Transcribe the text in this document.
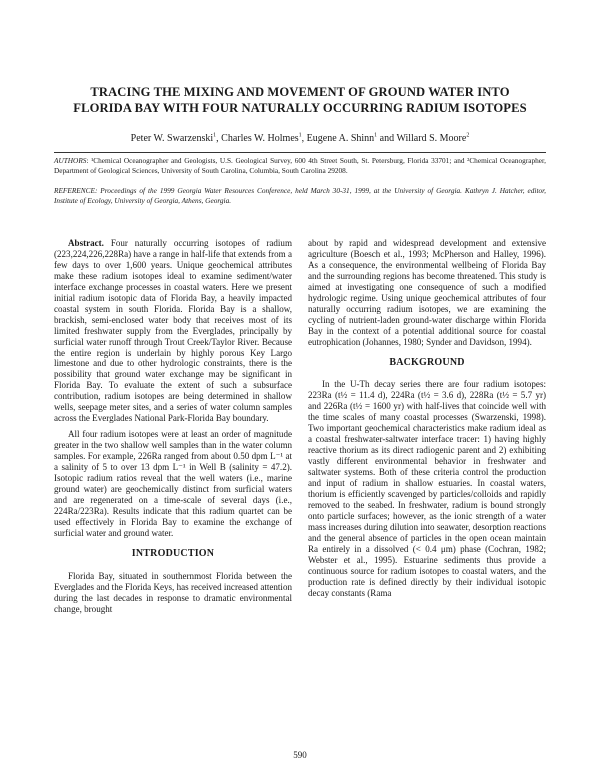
TRACING THE MIXING AND MOVEMENT OF GROUND WATER INTO
FLORIDA BAY WITH FOUR NATURALLY OCCURRING RADIUM ISOTOPES
Peter W. Swarzenski$^1$, Charles W. Holmes$^1$, Eugene A. Shinn$^1$ and Willard S. Moore$^2$
AUTHORS: ¹Chemical Oceanographer and Geologists, U.S. Geological Survey, 600 4th Street South, St. Petersburg, Florida 33701; and ²Chemical Oceanographer, Department of Geological Sciences, University of South Carolina, Columbia, South Carolina 29208.
REFERENCE: Proceedings of the 1999 Georgia Water Resources Conference, held March 30-31, 1999, at the University of Georgia. Kathryn J. Hatcher, editor, Institute of Ecology, University of Georgia, Athens, Georgia.

Abstract. Four naturally occurring isotopes of radium (223,224,226,228Ra) have a range in half-life that extends from a few days to over 1,600 years. Unique geochemical attributes make these radium isotopes ideal to examine sediment/water interface exchange processes in coastal waters. Here we present initial radium isotopic data of Florida Bay, a heavily impacted coastal system in south Florida. Florida Bay is a shallow, brackish, semi-enclosed water body that receives most of its limited freshwater supply from the Everglades, principally by surficial water runoff through Trout Creek/Taylor River. Because the entire region is underlain by highly porous Key Largo limestone and due to other hydrologic constraints, there is the possibility that ground water exchange may be significant in Florida Bay. To evaluate the extent of such a subsurface contribution, radium isotopes are being determined in shallow wells, seepage meter sites, and a series of water column samples across the Everglades National Park-Florida Bay boundary.

All four radium isotopes were at least an order of magnitude greater in the two shallow well samples than in the water column samples. For example, 226Ra ranged from about 0.50 dpm L⁻¹ at a salinity of 5 to over 13 dpm L⁻¹ in Well B (salinity = 47.2). Isotopic radium ratios reveal that the well waters (i.e., marine ground water) are geochemically distinct from surficial waters and are regenerated on a time-scale of several days (i.e., 224Ra/223Ra). Results indicate that this radium quartet can be used effectively in Florida Bay to examine the exchange of surficial water and ground water.

INTRODUCTION

Florida Bay, situated in southernmost Florida between the Everglades and the Florida Keys, has received increased attention during the last decades in response to dramatic environmental change, brought

about by rapid and widespread development and extensive agriculture (Boesch et al., 1993; McPherson and Halley, 1996). As a consequence, the environmental wellbeing of Florida Bay and the surrounding regions has become threatened. This study is aimed at investigating one consequence of such a modified hydrologic regime. Using unique geochemical attributes of four naturally occurring radium isotopes, we are examining the cycling of nutrient-laden ground-water discharge within Florida Bay in the context of a potential additional source for coastal eutrophication (Johannes, 1980; Synder and Davidson, 1994).

BACKGROUND

In the U-Th decay series there are four radium isotopes: 223Ra (t½ = 11.4 d), 224Ra (t½ = 3.6 d), 228Ra (t½ = 5.7 yr) and 226Ra (t½ = 1600 yr) with half-lives that coincide well with the time scales of many coastal processes (Swarzenski, 1998). Two important geochemical characteristics make radium ideal as a coastal freshwater-saltwater interface tracer: 1) having highly reactive thorium as its direct radiogenic parent and 2) exhibiting vastly different environmental behavior in freshwater and saltwater systems. Both of these criteria control the production and input of radium in shallow estuaries. In coastal waters, thorium is efficiently scavenged by particles/colloids and rapidly removed to the seabed. In freshwater, radium is bound strongly onto particle surfaces; however, as the ionic strength of a water mass increases during dilution into seawater, desorption reactions and the general absence of particles in the open ocean maintain Ra entirely in a dissolved (< 0.4 μm) phase (Cochran, 1982; Webster et al., 1995). Estuarine sediments thus provide a continuous source for radium isotopes to coastal waters, and the production rate is defined directly by their individual isotopic decay constants (Rama

590
